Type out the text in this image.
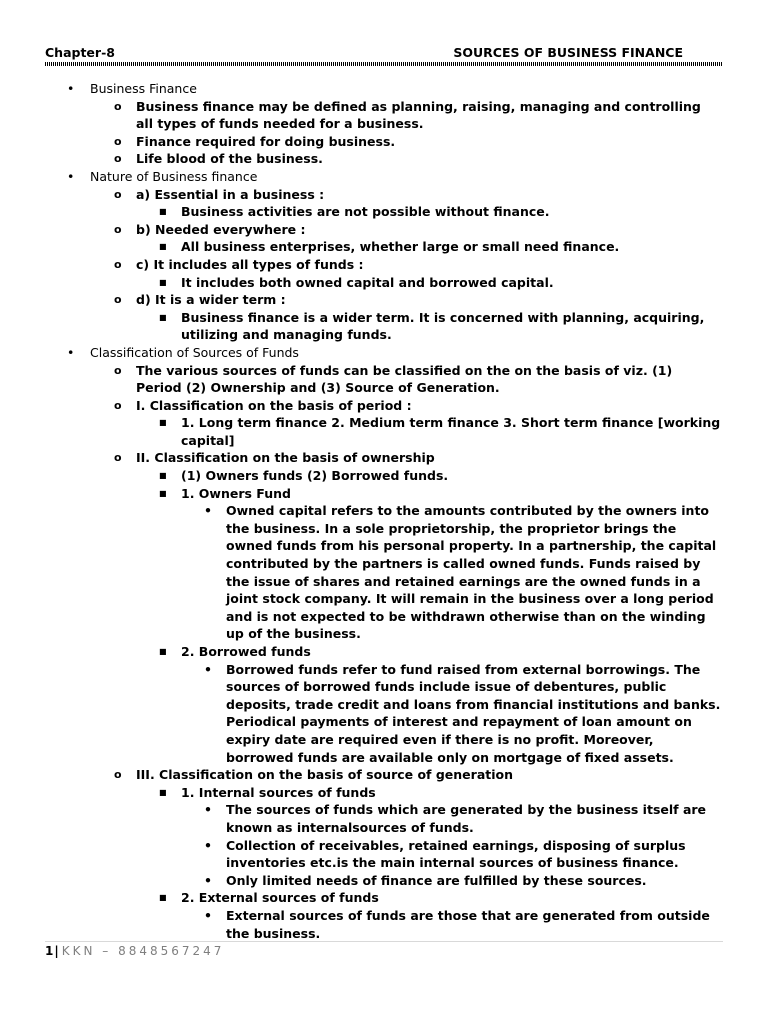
Chapter-8	SOURCES OF BUSINESS FINANCE
• Business Finance
o Business finance may be defined as planning, raising, managing and controlling all types of funds needed for a business.
o Finance required for doing business.
o Life blood of the business.
• Nature of Business finance
o a) Essential in a business :
■ Business activities are not possible without finance.
o b) Needed everywhere :
■ All business enterprises, whether large or small need finance.
o c) It includes all types of funds :
■ It includes both owned capital and borrowed capital.
o d) It is a wider term :
■ Business finance is a wider term. It is concerned with planning, acquiring, utilizing and managing funds.
• Classification of Sources of Funds
o The various sources of funds can be classified on the on the basis of viz. (1) Period (2) Ownership and (3) Source of Generation.
o I. Classification on the basis of period :
■ 1. Long term finance 2. Medium term finance 3. Short term finance [working capital]
o II. Classification on the basis of ownership
■ (1) Owners funds (2) Borrowed funds.
■ 1. Owners Fund
• Owned capital refers to the amounts contributed by the owners into the business. In a sole proprietorship, the proprietor brings the owned funds from his personal property. In a partnership, the capital contributed by the partners is called owned funds. Funds raised by the issue of shares and retained earnings are the owned funds in a joint stock company. It will remain in the business over a long period and is not expected to be withdrawn otherwise than on the winding up of the business.
■ 2. Borrowed funds
• Borrowed funds refer to fund raised from external borrowings. The sources of borrowed funds include issue of debentures, public deposits, trade credit and loans from financial institutions and banks. Periodical payments of interest and repayment of loan amount on expiry date are required even if there is no profit. Moreover, borrowed funds are available only on mortgage of fixed assets.
o III. Classification on the basis of source of generation
■ 1. Internal sources of funds
• The sources of funds which are generated by the business itself are known as internalsources of funds.
• Collection of receivables, retained earnings, disposing of surplus inventories etc.is the main internal sources of business finance.
• Only limited needs of finance are fulfilled by these sources.
■ 2. External sources of funds
• External sources of funds are those that are generated from outside the business.
1| KKN – 8848567247
